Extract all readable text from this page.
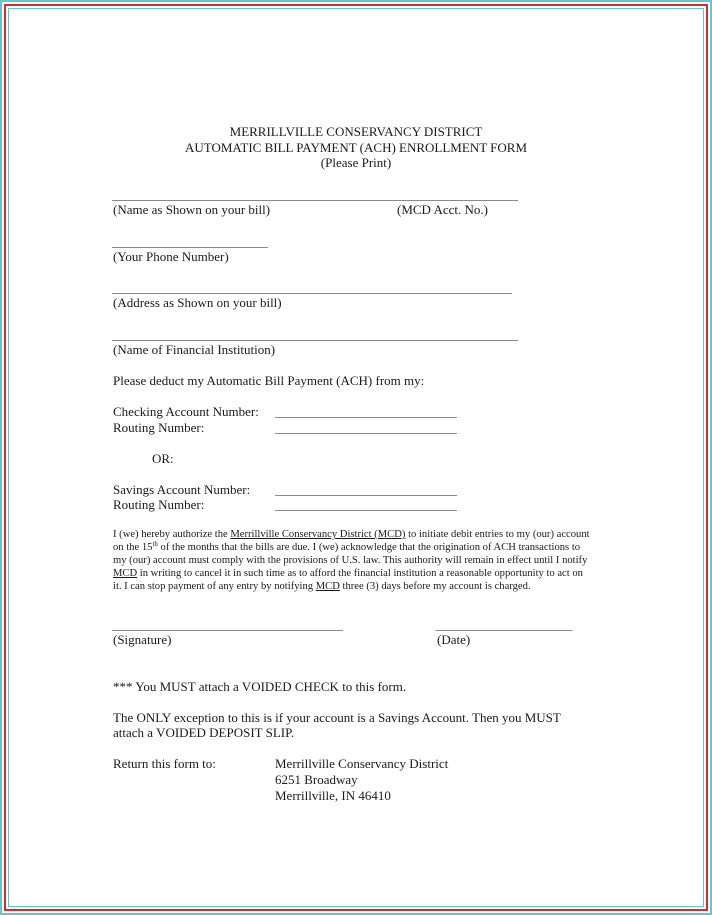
MERRILLVILLE CONSERVANCY DISTRICT
AUTOMATIC BILL PAYMENT (ACH) ENROLLMENT FORM
(Please Print)
(Name as Shown on your bill)	(MCD Acct. No.)
(Your Phone Number)
(Address as Shown on your bill)
(Name of Financial Institution)
Please deduct my Automatic Bill Payment (ACH) from my:
Checking Account Number:
Routing Number:
OR:
Savings Account Number:
Routing Number:
I (we) hereby authorize the Merrillville Conservancy District (MCD) to initiate debit entries to my (our) account on the 15th of the months that the bills are due. I (we) acknowledge that the origination of ACH transactions to my (our) account must comply with the provisions of U.S. law. This authority will remain in effect until I notify MCD in writing to cancel it in such time as to afford the financial institution a reasonable opportunity to act on it. I can stop payment of any entry by notifying MCD three (3) days before my account is charged.
(Signature)	(Date)
*** You MUST attach a VOIDED CHECK to this form.
The ONLY exception to this is if your account is a Savings Account. Then you MUST
attach a VOIDED DEPOSIT SLIP.
Return this form to:	Merrillville Conservancy District
6251 Broadway
Merrillville, IN 46410
